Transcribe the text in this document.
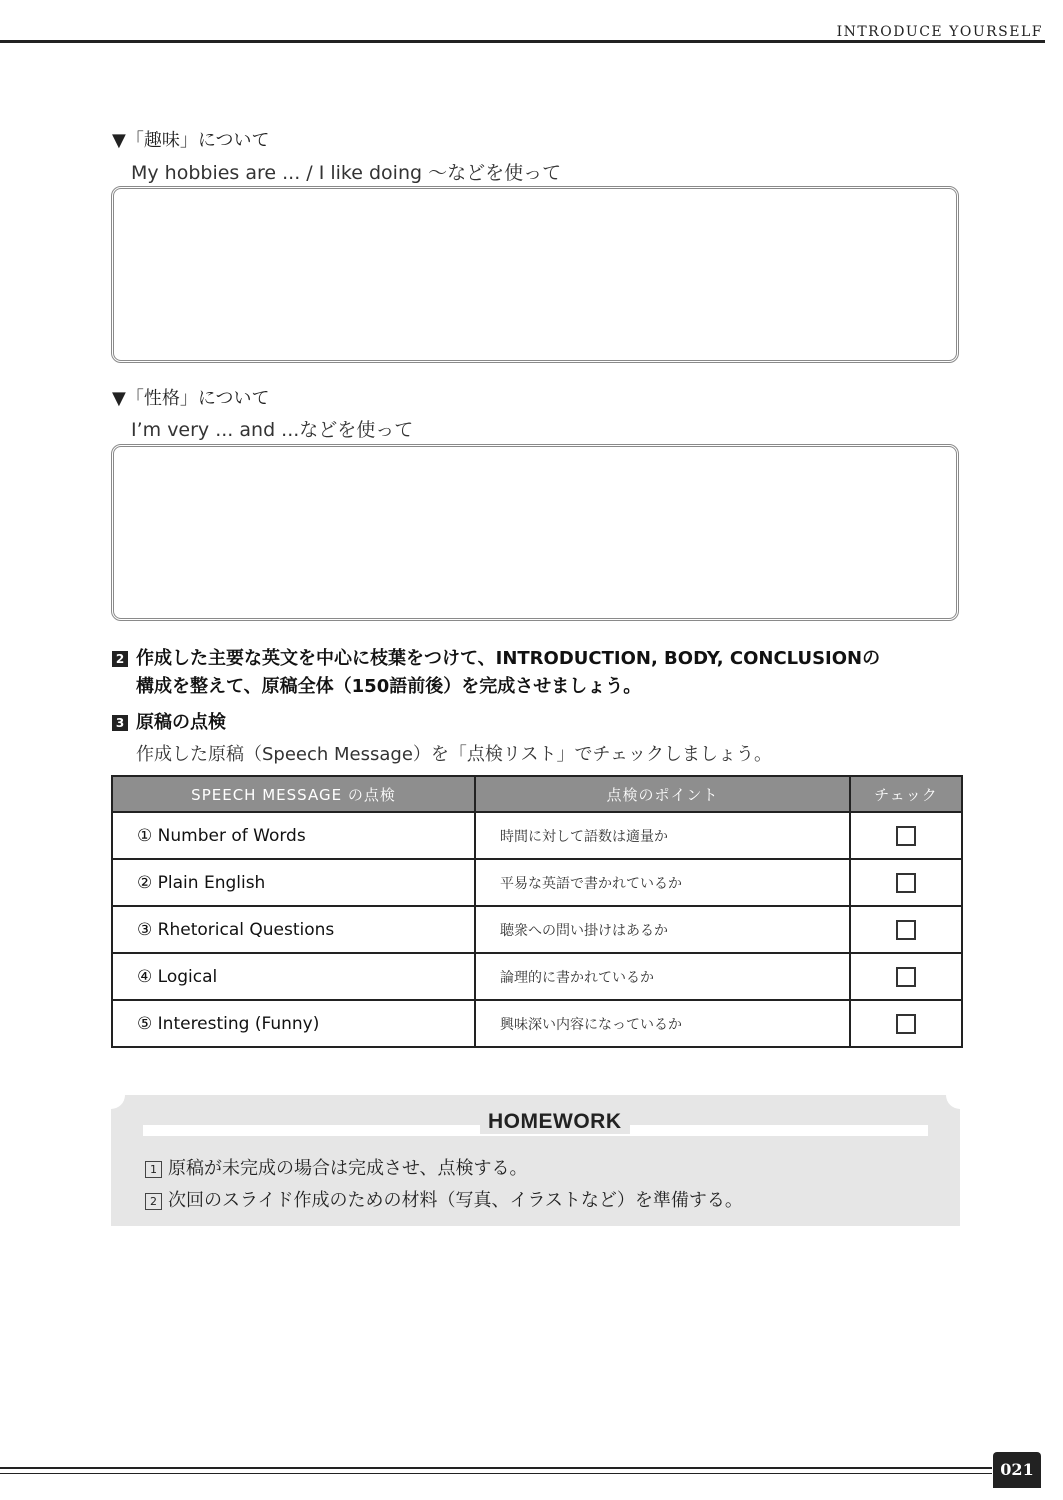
INTRODUCE YOURSELF
▼「趣味」について
My hobbies are ... / I like doing ～などを使って
▼「性格」について
I’m very ... and ...などを使って
2 作成した主要な英文を中心に枝葉をつけて、INTRODUCTION, BODY, CONCLUSIONの
構成を整えて、原稿全体（150語前後）を完成させましょう。
3 原稿の点検
作成した原稿（Speech Message）を「点検リスト」でチェックしましょう。
SPEECH MESSAGE の点検	点検のポイント	チェック
① Number of Words	時間に対して語数は適量か	
② Plain English	平易な英語で書かれているか	
③ Rhetorical Questions	聴衆への問い掛けはあるか	
④ Logical	論理的に書かれているか	
⑤ Interesting (Funny)	興味深い内容になっているか	
HOMEWORK
1 原稿が未完成の場合は完成させ、点検する。
2 次回のスライド作成のための材料（写真、イラストなど）を準備する。
021
